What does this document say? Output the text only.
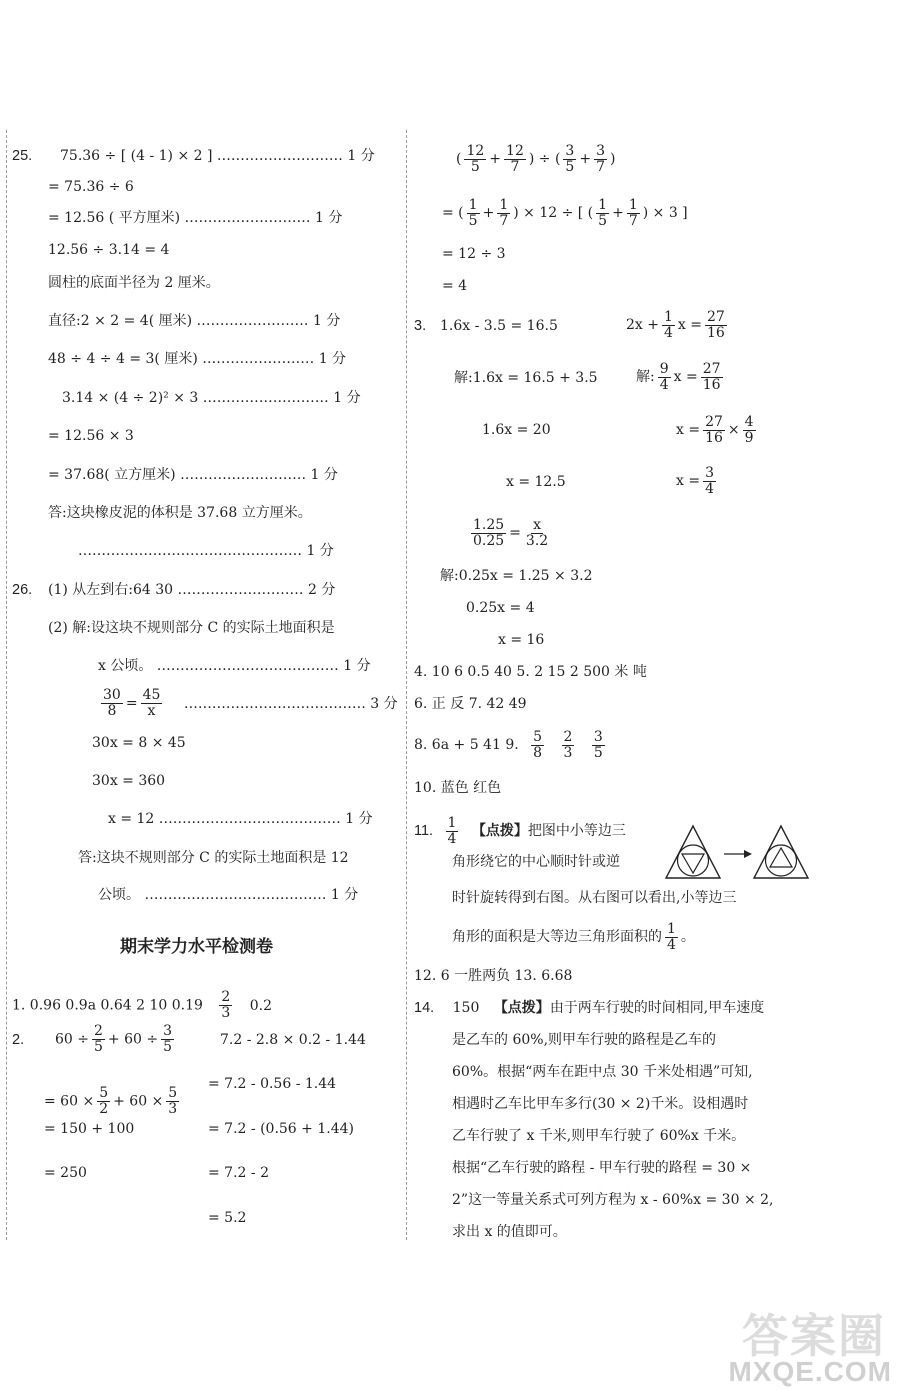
25. 75.36 ÷ [ (4 - 1) × 2 ] ……………………… 1 分
= 75.36 ÷ 6
= 12.56 ( 平方厘米) ……………………… 1 分
12.56 ÷ 3.14 = 4
圆柱的底面半径为 2 厘米。
直径:2 × 2 = 4( 厘米) …………………… 1 分
48 ÷ 4 ÷ 4 = 3( 厘米) …………………… 1 分
3.14 × (4 ÷ 2)² × 3 ……………………… 1 分
= 12.56 × 3
= 37.68( 立方厘米) ……………………… 1 分
答:这块橡皮泥的体积是 37.68 立方厘米。
………………………………………… 1 分
26. (1) 从左到右:64 30 ……………………… 2 分
(2) 解:设这块不规则部分 C 的实际土地面积是
x 公顷。 ………………………………… 1 分
$\frac{30}{8} = \frac{45}{x}$ ………………………………… 3 分
30x = 8 × 45
30x = 360
x = 12 ………………………………… 1 分
答:这块不规则部分 C 的实际土地面积是 12
公顷。 ………………………………… 1 分
期末学力水平检测卷
1. 0.96 0.9a 0.64 2 10 $0.19 \frac{2}{3} 0.2$
2. $60 \div \frac{2}{5} + 60 \div \frac{3}{5}$
= $60 \times \frac{5}{2} + 60 \times \frac{5}{3}$
= 150 + 100
= 250
7.2 - 2.8 × 0.2 - 1.44
= 7.2 - 0.56 - 1.44
= 7.2 - (0.56 + 1.44)
= 7.2 - 2
= 5.2
( $\frac{12}{5} + \frac{12}{7}$ ) ÷ ( $\frac{3}{5} + \frac{3}{7}$ )
= ( $\frac{1}{5} + \frac{1}{7}$ ) × 12 ÷ [ ( $\frac{1}{5} + \frac{1}{7}$ ) × 3 ]
= 12 ÷ 3
= 4
3. 1.6x - 3.5 = 16.5
解:1.6x = 16.5 + 3.5
1.6x = 20
x = 12.5
$2x + \frac{1}{4}$ $x = \frac{27}{16}$
解: $\frac{9}{4}$ $x = \frac{27}{16}$
$x = \frac{27}{16} \times \frac{4}{9}$
$x = \frac{3}{4}$
$\frac{1.25}{0.25} = \frac{x}{3.2}$
解:0.25x = 1.25 × 3.2
0.25x = 4
x = 16
4. 10 6 0.5 40 5. 2 15 2 500 米 吨
6. 正 反 7. 42 49
8. 6a + 5 41 9. $\frac{5}{8}$
$\frac{2}{3}$
$\frac{3}{5}$
10. 蓝色 红色
11. $\frac{1}{4}$ 【点拨】把图中小等边三
角形绕它的中心顺时针或逆
时针旋转得到右图。从右图可以看出,小等边三
角形的面积是大等边三角形面积的 $\frac{1}{4}$ 。
12. 6 一胜两负 13. 6.68
14. 150 【点拨】由于两车行驶的时间相同,甲车速度
是乙车的 60%,则甲车行驶的路程是乙车的
60%。根据“两车在距中点 30 千米处相遇”可知,
相遇时乙车比甲车多行(30 × 2)千米。设相遇时
乙车行驶了 x 千米,则甲车行驶了 60%x 千米。
根据“乙车行驶的路程 - 甲车行驶的路程 = 30 ×
2”这一等量关系式可列方程为 x - 60%x = 30 × 2,
求出 x 的值即可。
答案圈
MXQE.COM
